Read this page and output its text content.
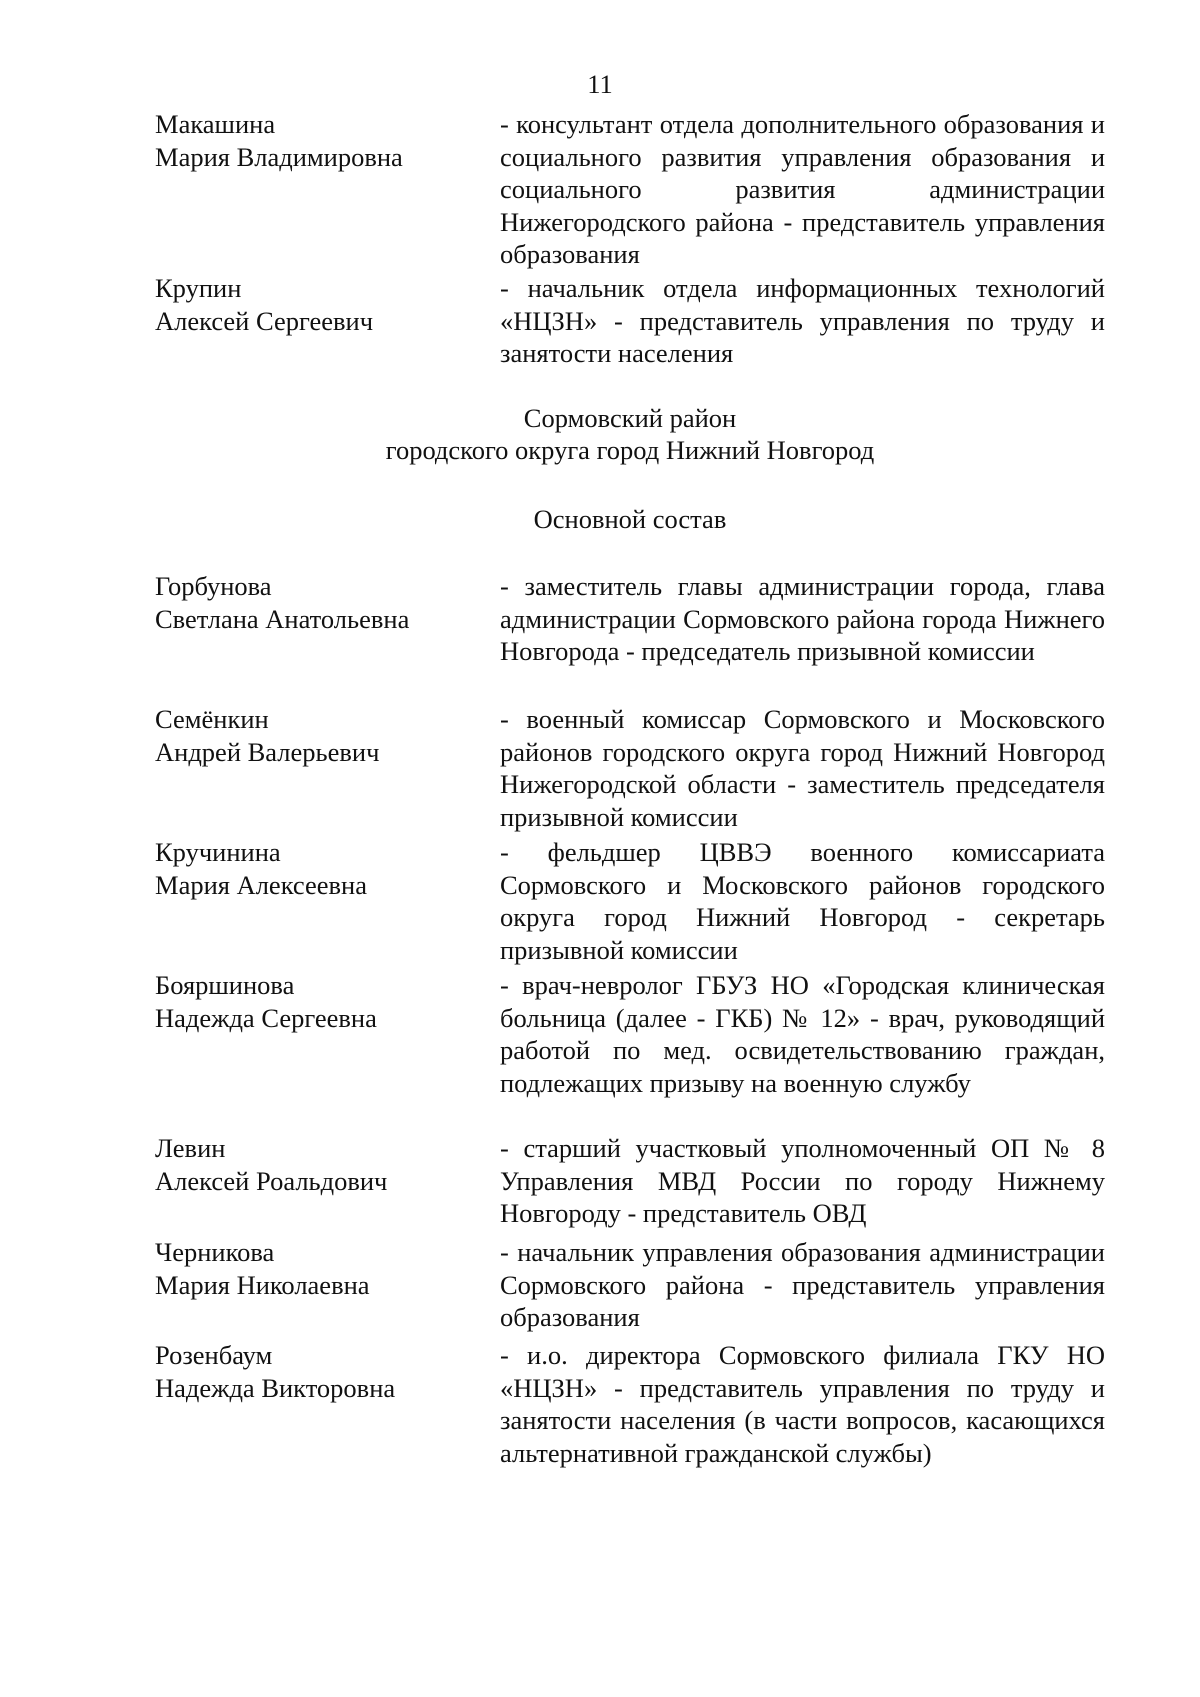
11
Макашина
Мария Владимировна
- консультант отдела дополнительного образования и социального развития управления образования и социального развития администрации Нижегородского района - представитель управления образования
Крупин
Алексей Сергеевич
- начальник отдела информационных технологий «НЦЗН» - представитель управления по труду и занятости населения
Сормовский район
городского округа город Нижний Новгород
Основной состав
Горбунова
Светлана Анатольевна
- заместитель главы администрации города, глава администрации Сормовского района города Нижнего Новгорода - председатель призывной комиссии
Семёнкин
Андрей Валерьевич
- военный комиссар Сормовского и Московского районов городского округа город Нижний Новгород Нижегородской области - заместитель председателя призывной комиссии
Кручинина
Мария Алексеевна
- фельдшер ЦВВЭ военного комиссариата Сормовского и Московского районов городского округа город Нижний Новгород - секретарь призывной комиссии
Бояршинова
Надежда Сергеевна
- врач-невролог ГБУЗ НО «Городская клиническая больница (далее - ГКБ) № 12» - врач, руководящий работой по мед. освидетельствованию граждан, подлежащих призыву на военную службу
Левин
Алексей Роальдович
- старший участковый уполномоченный ОП № 8 Управления МВД России по городу Нижнему Новгороду - представитель ОВД
Черникова
Мария Николаевна
- начальник управления образования администрации Сормовского района - представитель управления образования
Розенбаум
Надежда Викторовна
- и.о. директора Сормовского филиала ГКУ НО «НЦЗН» - представитель управления по труду и занятости населения (в части вопросов, касающихся альтернативной гражданской службы)
